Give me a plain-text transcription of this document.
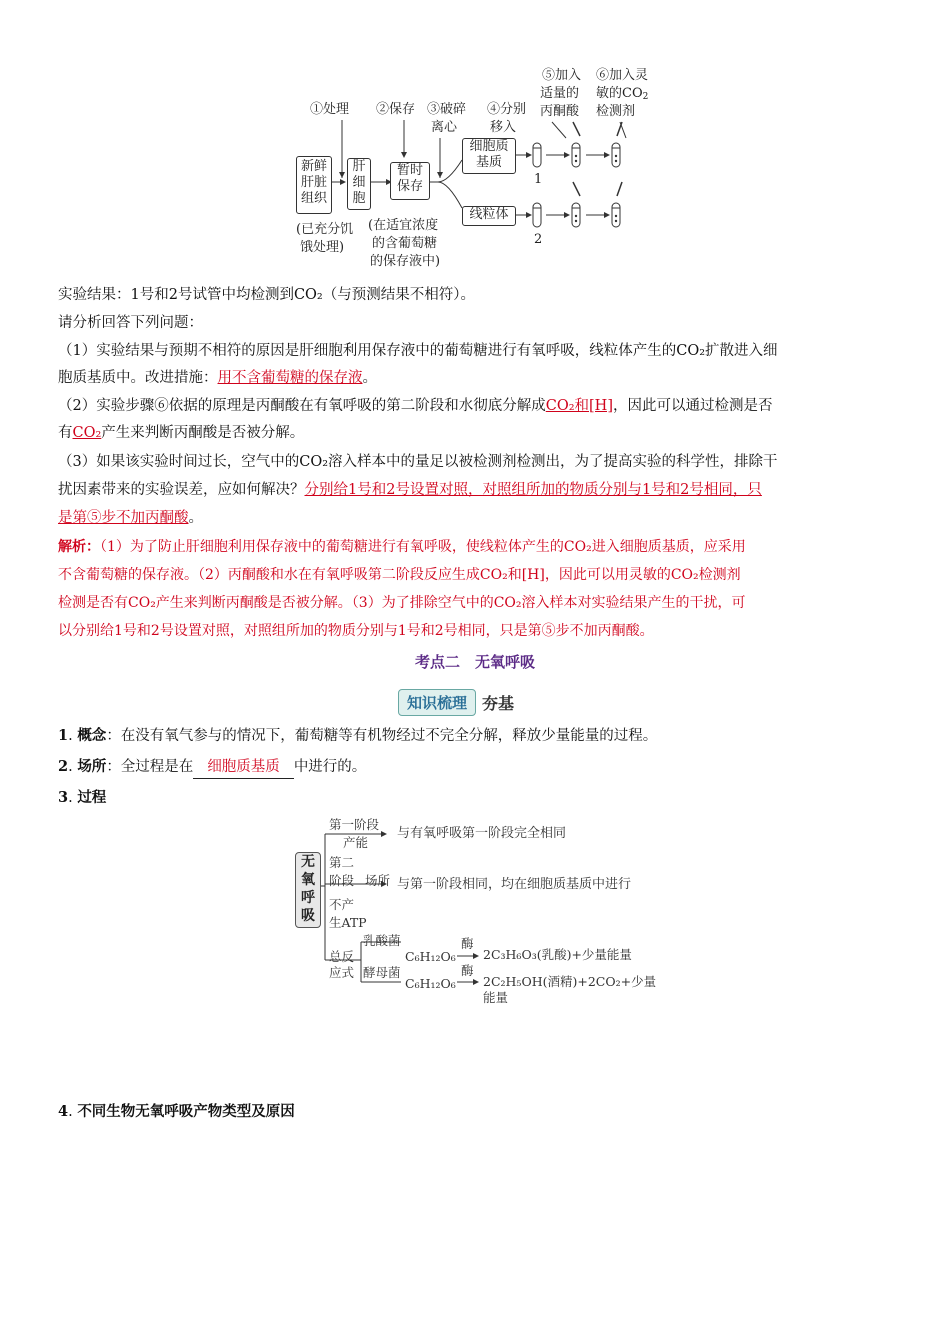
①处理 ②保存 ③破碎
离心
④分别
移入
⑤加入
适量的
丙酮酸
⑥加入灵
敏的$CO_2$
检测剂
新鲜
肝脏
组织
肝
细
胞
暂时
保存
细胞质
基质
线粒体
1
2
(已充分饥
饿处理)
(在适宜浓度
的含葡萄糖
的保存液中)
实验结果：1号和2号试管中均检测到CO₂（与预测结果不相符）。
请分析回答下列问题：
（1）实验结果与预期不相符的原因是肝细胞利用保存液中的葡萄糖进行有氧呼吸，线粒体产生的CO₂扩散进入细
胞质基质中。改进措施：用不含葡萄糖的保存液。
（2）实验步骤⑥依据的原理是丙酮酸在有氧呼吸的第二阶段和水彻底分解成CO₂和[H]，因此可以通过检测是否
有CO₂产生来判断丙酮酸是否被分解。
（3）如果该实验时间过长，空气中的CO₂溶入样本中的量足以被检测剂检测出，为了提高实验的科学性，排除干
扰因素带来的实验误差，应如何解决？分别给1号和2号设置对照，对照组所加的物质分别与1号和2号相同，只
是第⑤步不加丙酮酸。
解析：（1）为了防止肝细胞利用保存液中的葡萄糖进行有氧呼吸，使线粒体产生的CO₂进入细胞质基质，应采用
不含葡萄糖的保存液。（2）丙酮酸和水在有氧呼吸第二阶段反应生成CO₂和[H]，因此可以用灵敏的CO₂检测剂
检测是否有CO₂产生来判断丙酮酸是否被分解。（3）为了排除空气中的CO₂溶入样本对实验结果产生的干扰，可
以分别给1号和2号设置对照，对照组所加的物质分别与1号和2号相同，只是第⑤步不加丙酮酸。
考点二　无氧呼吸
知识梳理 夯基
1. 概念：在没有氧气参与的情况下，葡萄糖等有机物经过不完全分解，释放少量能量的过程。
2. 场所：全过程是在 细胞质基质 中进行的。
3. 过程
无
氧
呼
吸
第一阶段
产能
与有氧呼吸第一阶段完全相同
第二
阶段 场所 与第一阶段相同，均在细胞质基质中进行
不产
生ATP
总反
应式
乳酸菌
酵母菌
C₆H₁₂O₆
酶
2C₃H₆O₃(乳酸)+少量能量
C₆H₁₂O₆
酶
2C₂H₅OH(酒精)+2CO₂+少量
能量
4. 不同生物无氧呼吸产物类型及原因
